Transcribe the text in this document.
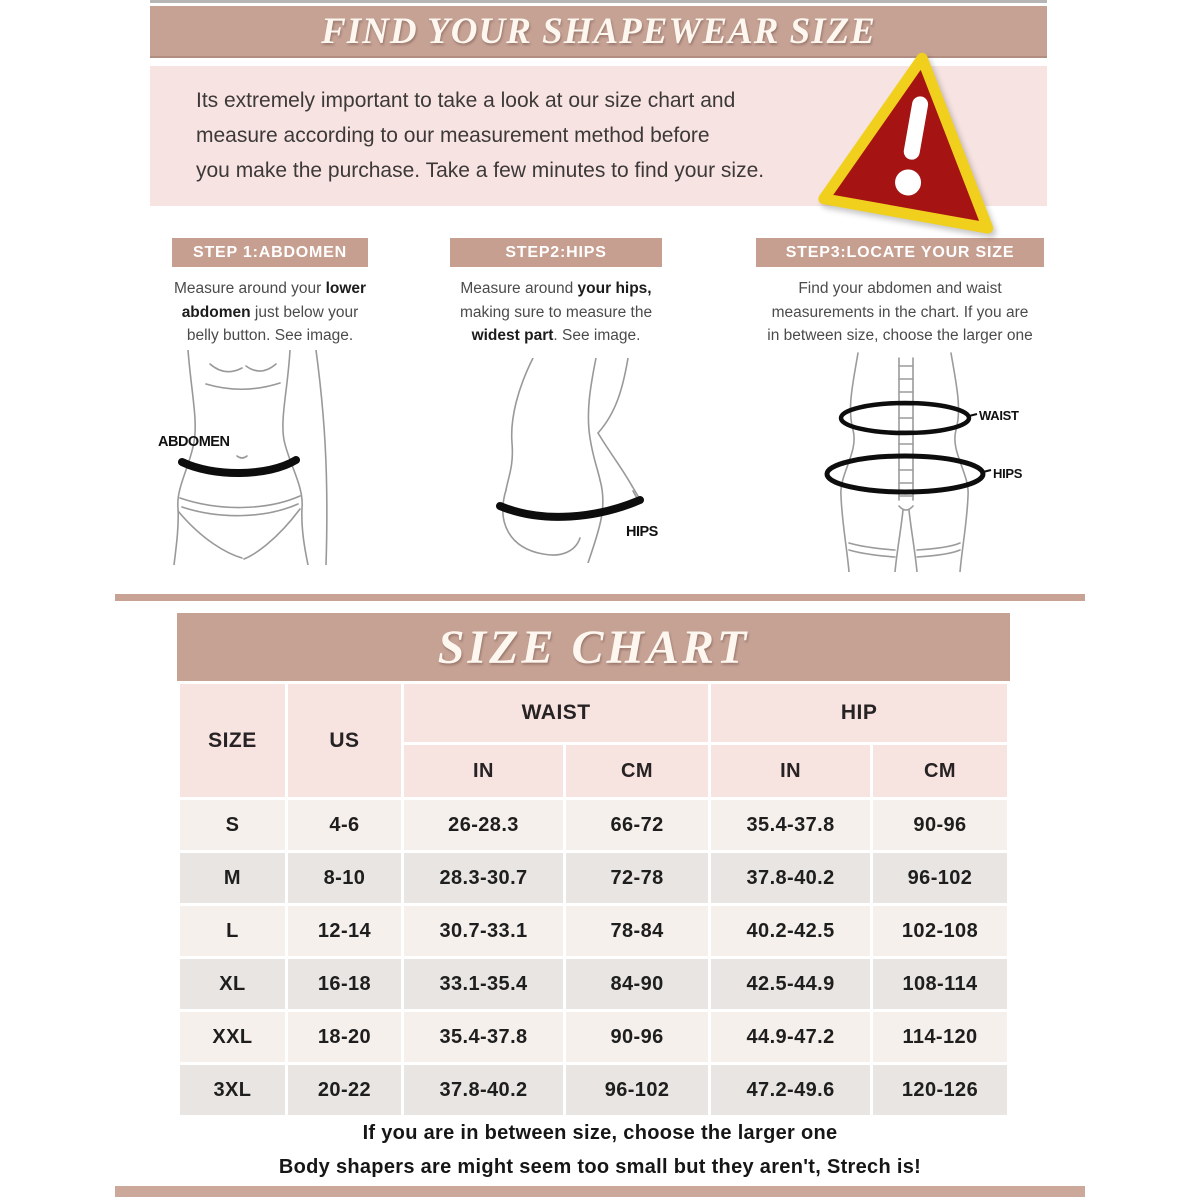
FIND YOUR SHAPEWEAR SIZE
Its extremely important to take a look at our size chart and
measure according to our measurement method before
you make the purchase. Take a few minutes to find your size.
STEP 1:ABDOMEN
Measure around your lower
abdomen just below your
belly button. See image.
STEP2:HIPS
Measure around your hips,
making sure to measure the
widest part. See image.
STEP3:LOCATE YOUR SIZE
Find your abdomen and waist
measurements in the chart. If you are
in between size, choose the larger one
ABDOMEN
HIPS
WAIST
HIPS
SIZE CHART
SIZE	US	WAIST		HIP	
		IN	CM	IN	CM
S	4-6	26-28.3	66-72	35.4-37.8	90-96
M	8-10	28.3-30.7	72-78	37.8-40.2	96-102
L	12-14	30.7-33.1	78-84	40.2-42.5	102-108
XL	16-18	33.1-35.4	84-90	42.5-44.9	108-114
XXL	18-20	35.4-37.8	90-96	44.9-47.2	114-120
3XL	20-22	37.8-40.2	96-102	47.2-49.6	120-126
If you are in between size, choose the larger one
Body shapers are might seem too small but they aren't, Strech is!
